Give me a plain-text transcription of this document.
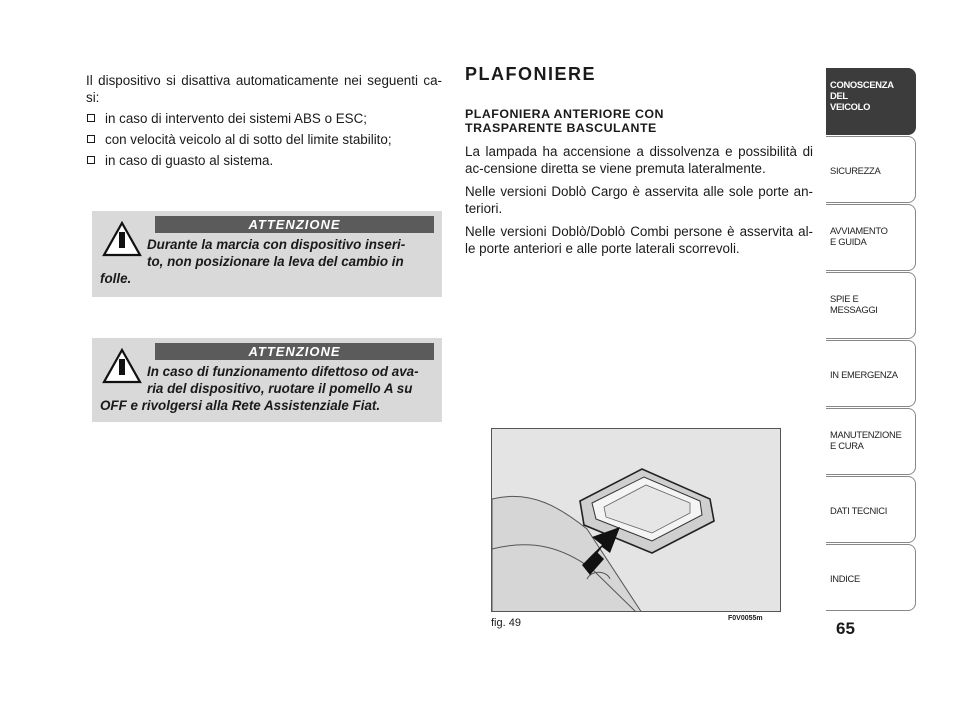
Il dispositivo si disattiva automaticamente nei seguenti ca-si:

in caso di intervento dei sistemi ABS o ESC;
con velocità veicolo al di sotto del limite stabilito;
in caso di guasto al sistema.
ATTENZIONE
Durante la marcia con dispositivo inseri-
to, non posizionare la leva del cambio in
folle.
ATTENZIONE
In caso di funzionamento difettoso od ava-
ria del dispositivo, ruotare il pomello A su
OFF e rivolgersi alla Rete Assistenziale Fiat.
PLAFONIERE
PLAFONIERA ANTERIORE CON
TRASPARENTE BASCULANTE

La lampada ha accensione a dissolvenza e possibilità di ac-censione diretta se viene premuta lateralmente.

Nelle versioni Doblò Cargo è asservita alle sole porte an-teriori.

Nelle versioni Doblò/Doblò Combi persone è asservita al-le porte anteriori e alle porte laterali scorrevoli.

fig. 49	F0V0055m
CONOSCENZA
DEL
VEICOLO
SICUREZZA
AVVIAMENTO
E GUIDA
SPIE E
MESSAGGI
IN EMERGENZA
MANUTENZIONE
E CURA
DATI TECNICI
INDICE
65
